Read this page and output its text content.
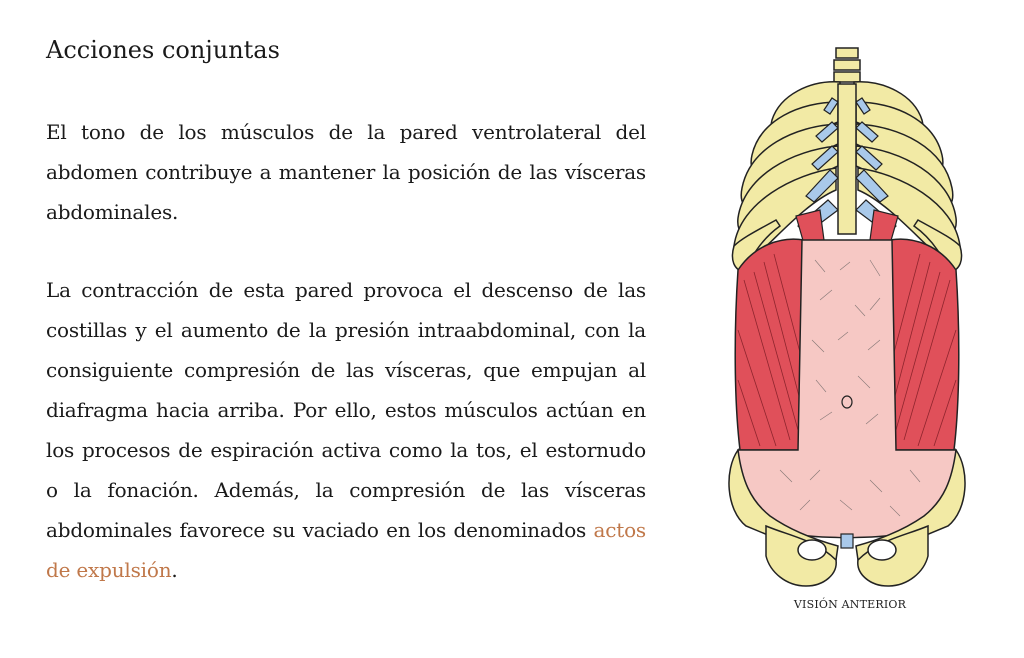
Acciones conjuntas

El tono de los músculos de la pared ventrolateral del abdomen contribuye a mantener la posición de las vísceras abdominales.

La contracción de esta pared provoca el descenso de las costillas y el aumento de la presión intraabdominal, con la consiguiente compresión de las vísceras, que empujan al diafragma hacia arriba. Por ello, estos músculos actúan en los procesos de espiración activa como la tos, el estornudo o la fonación. Además, la compresión de las vísceras abdominales favorece su vaciado en los denominados actos de expulsión.

VISIÓN ANTERIOR
